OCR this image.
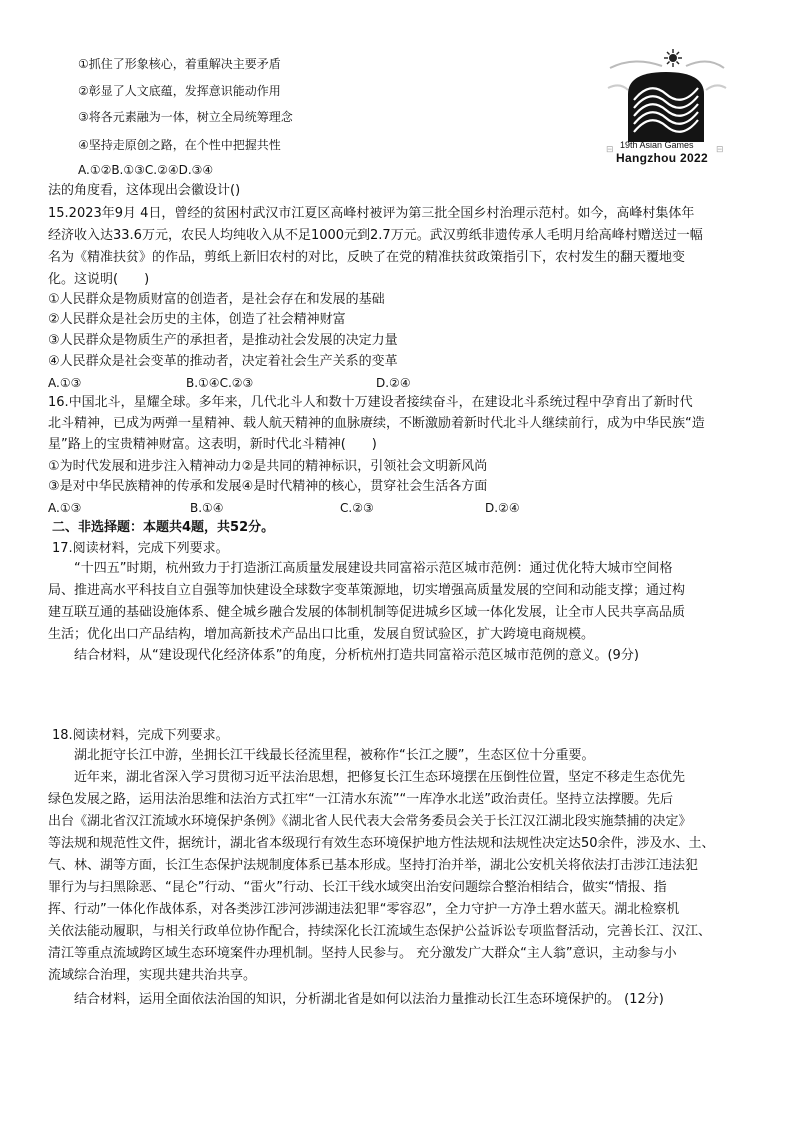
①抓住了形象核心，着重解决主要矛盾
②彰显了人文底蕴，发挥意识能动作用
③将各元素融为一体，树立全局统筹理念
④坚持走原创之路，在个性中把握共性
A.①②B.①③C.②④D.③④
法的角度看，这体现出会徽设计()
⊟	⊟
19th Asian Games
Hangzhou 2022
15.2023年9月 4日，曾经的贫困村武汉市江夏区高峰村被评为第三批全国乡村治理示范村。如今，高峰村集体年
经济收入达33.6万元，农民人均纯收入从不足1000元到2.7万元。武汉剪纸非遗传承人毛明月给高峰村赠送过一幅
名为《精准扶贫》的作品，剪纸上新旧农村的对比，反映了在党的精准扶贫政策指引下，农村发生的翻天覆地变
化。这说明(　　)
①人民群众是物质财富的创造者，是社会存在和发展的基础
②人民群众是社会历史的主体，创造了社会精神财富
③人民群众是物质生产的承担者，是推动社会发展的决定力量
④人民群众是社会变革的推动者，决定着社会生产关系的变革
A.①③	B.①④C.②③	D.②④
16.中国北斗，星耀全球。多年来，几代北斗人和数十万建设者接续奋斗，在建设北斗系统过程中孕育出了新时代
北斗精神，已成为两弹一星精神、载人航天精神的血脉赓续，不断激励着新时代北斗人继续前行，成为中华民族“造
星”路上的宝贵精神财富。这表明，新时代北斗精神(　　)
①为时代发展和进步注入精神动力②是共同的精神标识，引领社会文明新风尚
③是对中华民族精神的传承和发展④是时代精神的核心，贯穿社会生活各方面
A.①③	B.①④	C.②③	D.②④
二、非选择题：本题共4题，共52分。
17.阅读材料，完成下列要求。
“十四五”时期，杭州致力于打造浙江高质量发展建设共同富裕示范区城市范例：通过优化特大城市空间格
局、推进高水平科技自立自强等加快建设全球数字变革策源地，切实增强高质量发展的空间和动能支撑；通过构
建互联互通的基础设施体系、健全城乡融合发展的体制机制等促进城乡区域一体化发展，让全市人民共享高品质
生活；优化出口产品结构，增加高新技术产品出口比重，发展自贸试验区，扩大跨境电商规模。
结合材料，从“建设现代化经济体系”的角度，分析杭州打造共同富裕示范区城市范例的意义。(9分)
18.阅读材料，完成下列要求。
湖北扼守长江中游，坐拥长江干线最长径流里程，被称作“长江之腰”，生态区位十分重要。
近年来，湖北省深入学习贯彻习近平法治思想，把修复长江生态环境摆在压倒性位置，坚定不移走生态优先
绿色发展之路，运用法治思维和法治方式扛牢“一江清水东流”“一库净水北送”政治责任。坚持立法撑腰。先后
出台《湖北省汉江流域水环境保护条例》《湖北省人民代表大会常务委员会关于长江汉江湖北段实施禁捕的决定》
等法规和规范性文件，据统计，湖北省本级现行有效生态环境保护地方性法规和法规性决定达50余件，涉及水、土、
气、林、湖等方面，长江生态保护法规制度体系已基本形成。坚持打治并举，湖北公安机关将依法打击涉江违法犯
罪行为与扫黑除恶、“昆仑”行动、“雷火”行动、长江干线水域突出治安问题综合整治相结合，做实“情报、指
挥、行动”一体化作战体系，对各类涉江涉河涉湖违法犯罪“零容忍”，全力守护一方净土碧水蓝天。湖北检察机
关依法能动履职，与相关行政单位协作配合，持续深化长江流域生态保护公益诉讼专项监督活动，完善长江、汉江、
清江等重点流域跨区域生态环境案件办理机制。坚持人民参与。 充分激发广大群众“主人翁”意识，主动参与小
流域综合治理，实现共建共治共享。
结合材料，运用全面依法治国的知识，分析湖北省是如何以法治力量推动长江生态环境保护的。 (12分)
